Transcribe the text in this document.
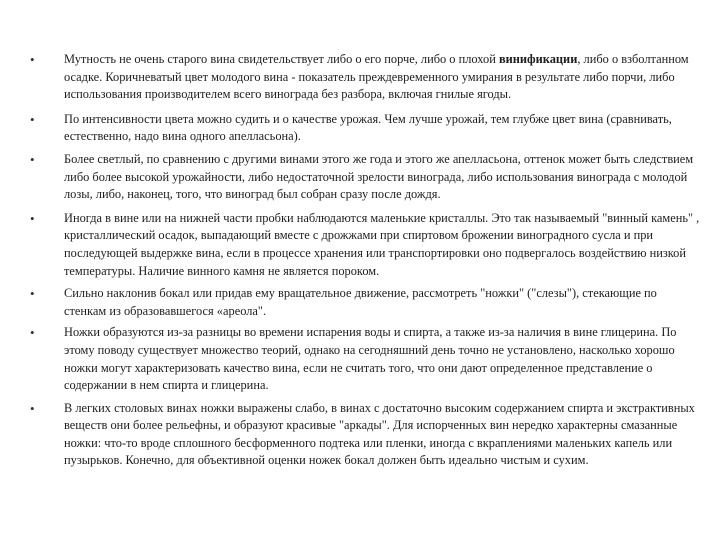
•	Мутность не очень старого вина свидетельствует либо о его порче, либо о плохой винификации, либо о взболтанном осадке. Коричневатый цвет молодого вина - показатель преждевременного умирания в результате либо порчи, либо использования производителем всего винограда без разбора, включая гнилые ягоды.
•	По интенсивности цвета можно судить и о качестве урожая. Чем лучше урожай, тем глубже цвет вина (сравнивать, естественно, надо вина одного апелласьона).
•	Более светлый, по сравнению с другими винами этого же года и этого же апелласьона, оттенок может быть следствием либо более высокой урожайности, либо недостаточной зрелости винограда, либо использования винограда с молодой лозы, либо, наконец, того, что виноград был собран сразу после дождя.
•	Иногда в вине или на нижней части пробки наблюдаются маленькие кристаллы. Это так называемый "винный камень" , кристаллический осадок, выпадающий вместе с дрожжами при спиртовом брожении виноградного сусла и при последующей выдержке вина, если в процессе хранения или транспортировки оно подвергалось воздействию низкой температуры. Наличие винного камня не является пороком.
•	Сильно наклонив бокал или придав ему вращательное движение, рассмотреть "ножки" ("слезы"), стекающие по стенкам из образовавшегося «ареола".
•	Ножки образуются из-за разницы во времени испарения воды и спирта, а также из-за наличия в вине глицерина. По этому поводу существует множество теорий, однако на сегодняшний день точно не установлено, насколько хорошо ножки могут характеризовать качество вина, если не считать того, что они дают определенное представление о содержании в нем спирта и глицерина.
•	В легких столовых винах ножки выражены слабо, в винах с достаточно высоким содержанием спирта и экстрактивных веществ они более рельефны, и образуют красивые "аркады". Для испорченных вин нередко характерны смазанные ножки: что-то вроде сплошного бесформенного подтека или пленки, иногда с вкраплениями маленьких капель или пузырьков. Конечно, для объективной оценки ножек бокал должен быть идеально чистым и сухим.
